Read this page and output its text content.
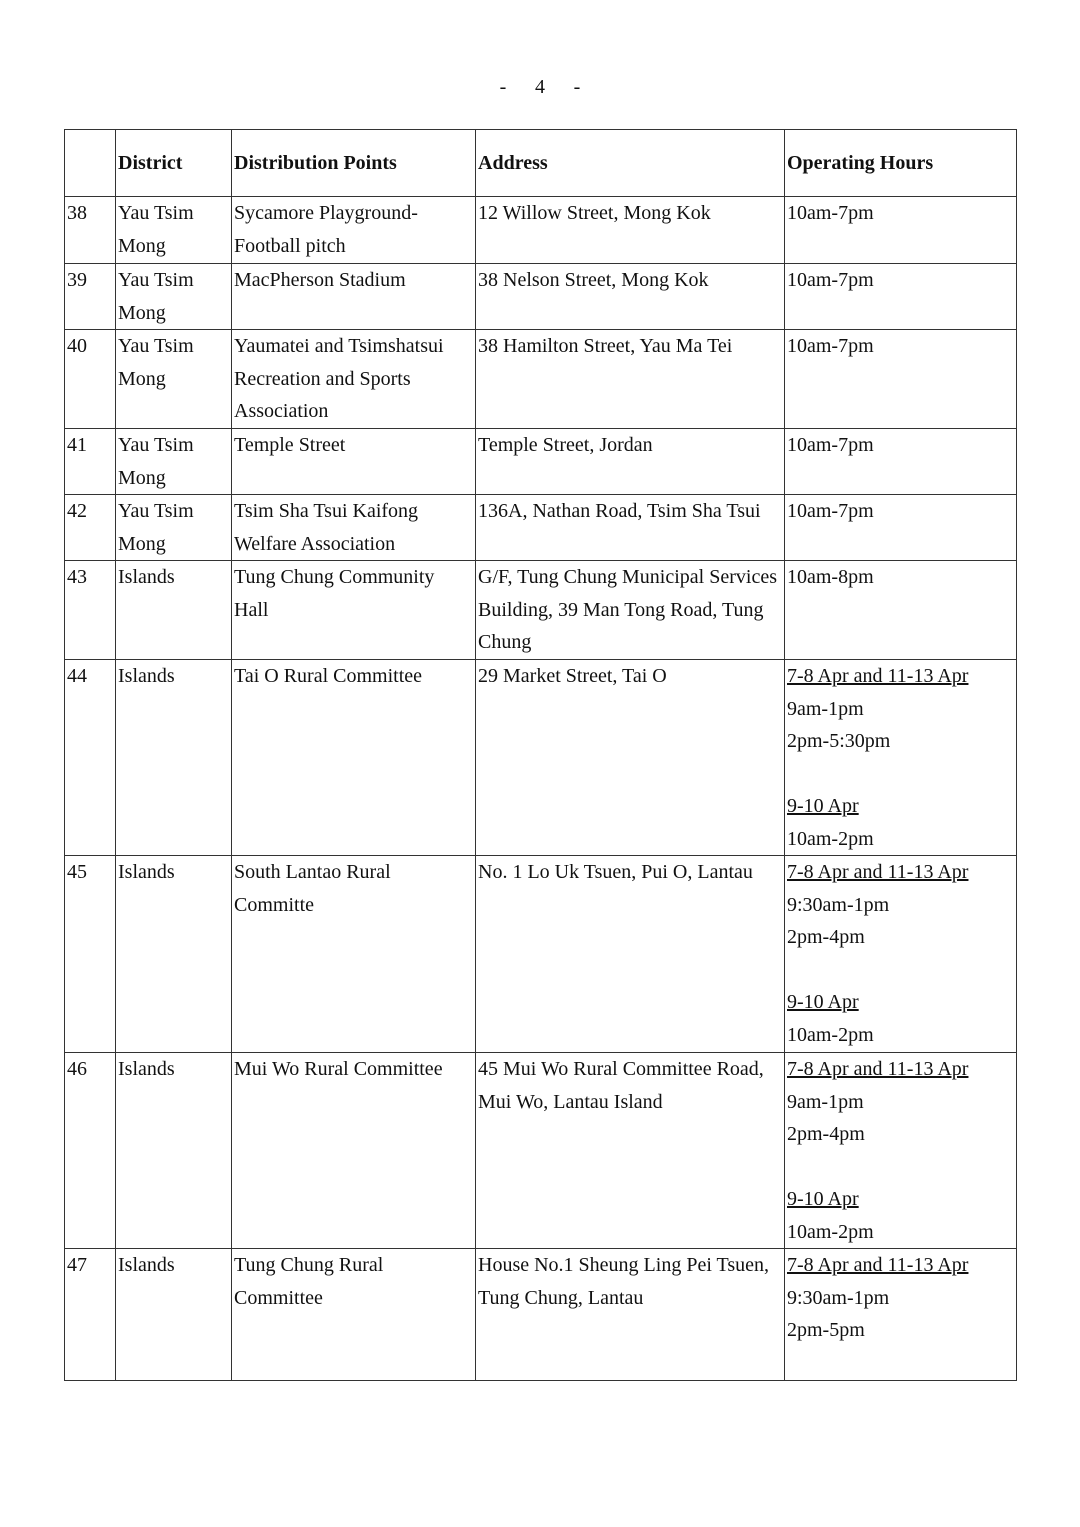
- 4 -
	District	Distribution Points	Address	Operating Hours
38	Yau Tsim Mong	Sycamore Playground-Football pitch	12 Willow Street, Mong Kok	10am-7pm

39	Yau Tsim Mong	MacPherson Stadium	38 Nelson Street, Mong Kok	10am-7pm

40	Yau Tsim Mong	Yaumatei and Tsimshatsui Recreation and Sports Association	38 Hamilton Street, Yau Ma Tei	10am-7pm

41	Yau Tsim Mong	Temple Street	Temple Street, Jordan	10am-7pm

42	Yau Tsim Mong	Tsim Sha Tsui Kaifong Welfare Association	136A, Nathan Road, Tsim Sha Tsui	10am-7pm

43	Islands	Tung Chung Community Hall	G/F, Tung Chung Municipal Services Building, 39 Man Tong Road, Tung Chung	10am-8pm

44	Islands	Tai O Rural Committee	29 Market Street, Tai O	7-8 Apr and 11-13 Apr
9am-1pm
2pm-5:30pm
9-10 Apr
10am-2pm

45	Islands	South Lantao Rural Committe	No. 1 Lo Uk Tsuen, Pui O, Lantau	7-8 Apr and 11-13 Apr
9:30am-1pm
2pm-4pm
9-10 Apr
10am-2pm

46	Islands	Mui Wo Rural Committee	45 Mui Wo Rural Committee Road, Mui Wo, Lantau Island	7-8 Apr and 11-13 Apr
9am-1pm
2pm-4pm
9-10 Apr
10am-2pm

47	Islands	Tung Chung Rural Committee	House No.1 Sheung Ling Pei Tsuen, Tung Chung, Lantau	7-8 Apr and 11-13 Apr
9:30am-1pm
2pm-5pm
